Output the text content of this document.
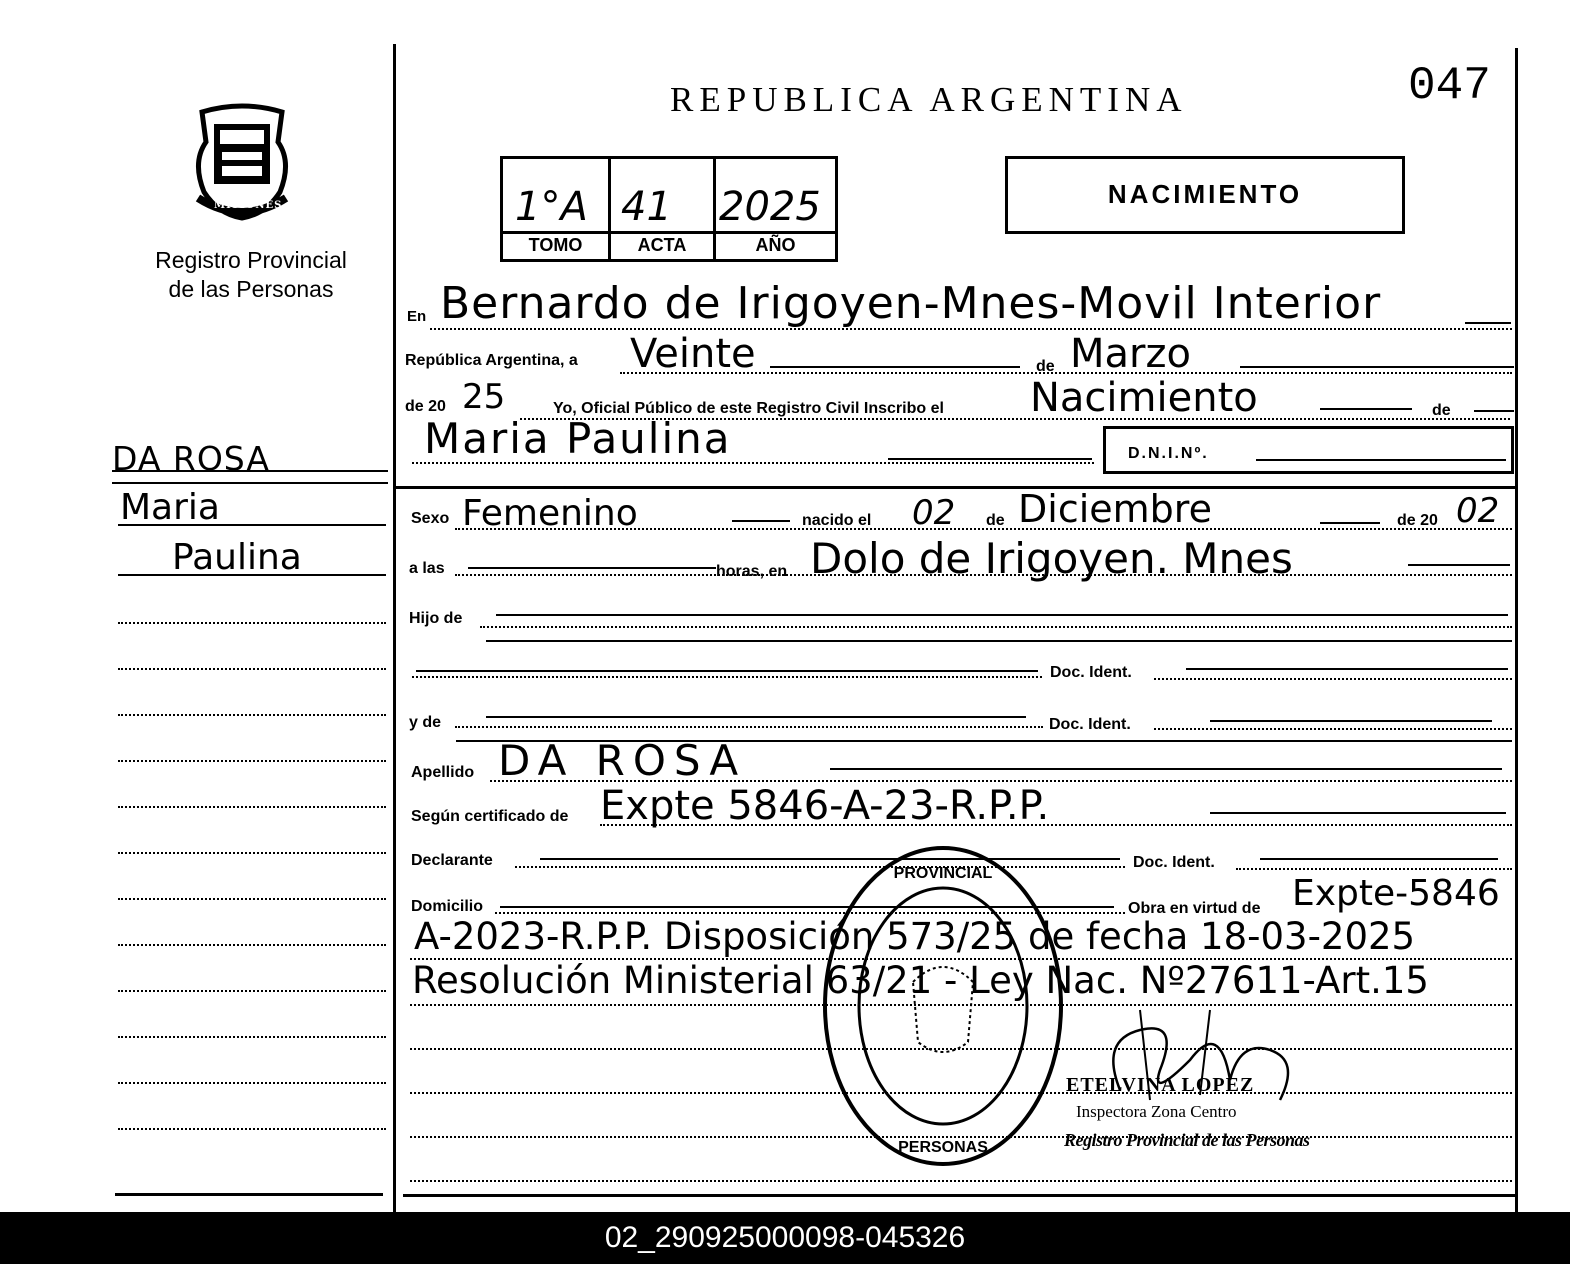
MISIONES
Registro Provincial
de las Personas
DA ROSA
Maria
Paulina
REPUBLICA ARGENTINA	047
1°A 41 2025
TOMO	ACTA	AÑO
NACIMIENTO
En Bernardo de Irigoyen-Mnes-Movil Interior
República Argentina, a Veinte	de Marzo
de 20 25	Yo, Oficial Público de este Registro Civil Inscribo el Nacimiento	de
Maria Paulina	D.N.I.Nº.
Sexo Femenino	nacido el 02 de Diciembre	de 20 02
a las	horas, en Dolo de Irigoyen. Mnes
Hijo de
Doc. Ident.
y de	Doc. Ident.
Apellido DA ROSA
Según certificado de Expte 5846-A-23-R.P.P.
Declarante	Doc. Ident.
Domicilio	Obra en virtud de Expte-5846
A-2023-R.P.P. Disposición 573/25 de fecha 18-03-2025
Resolución Ministerial 63/21 - Ley Nac. Nº27611-Art.15
PROVINCIAL
PERSONAS
ETELVINA LOPEZ
Inspectora Zona Centro
Registro Provincial de las Personas
02_290925000098-045326
